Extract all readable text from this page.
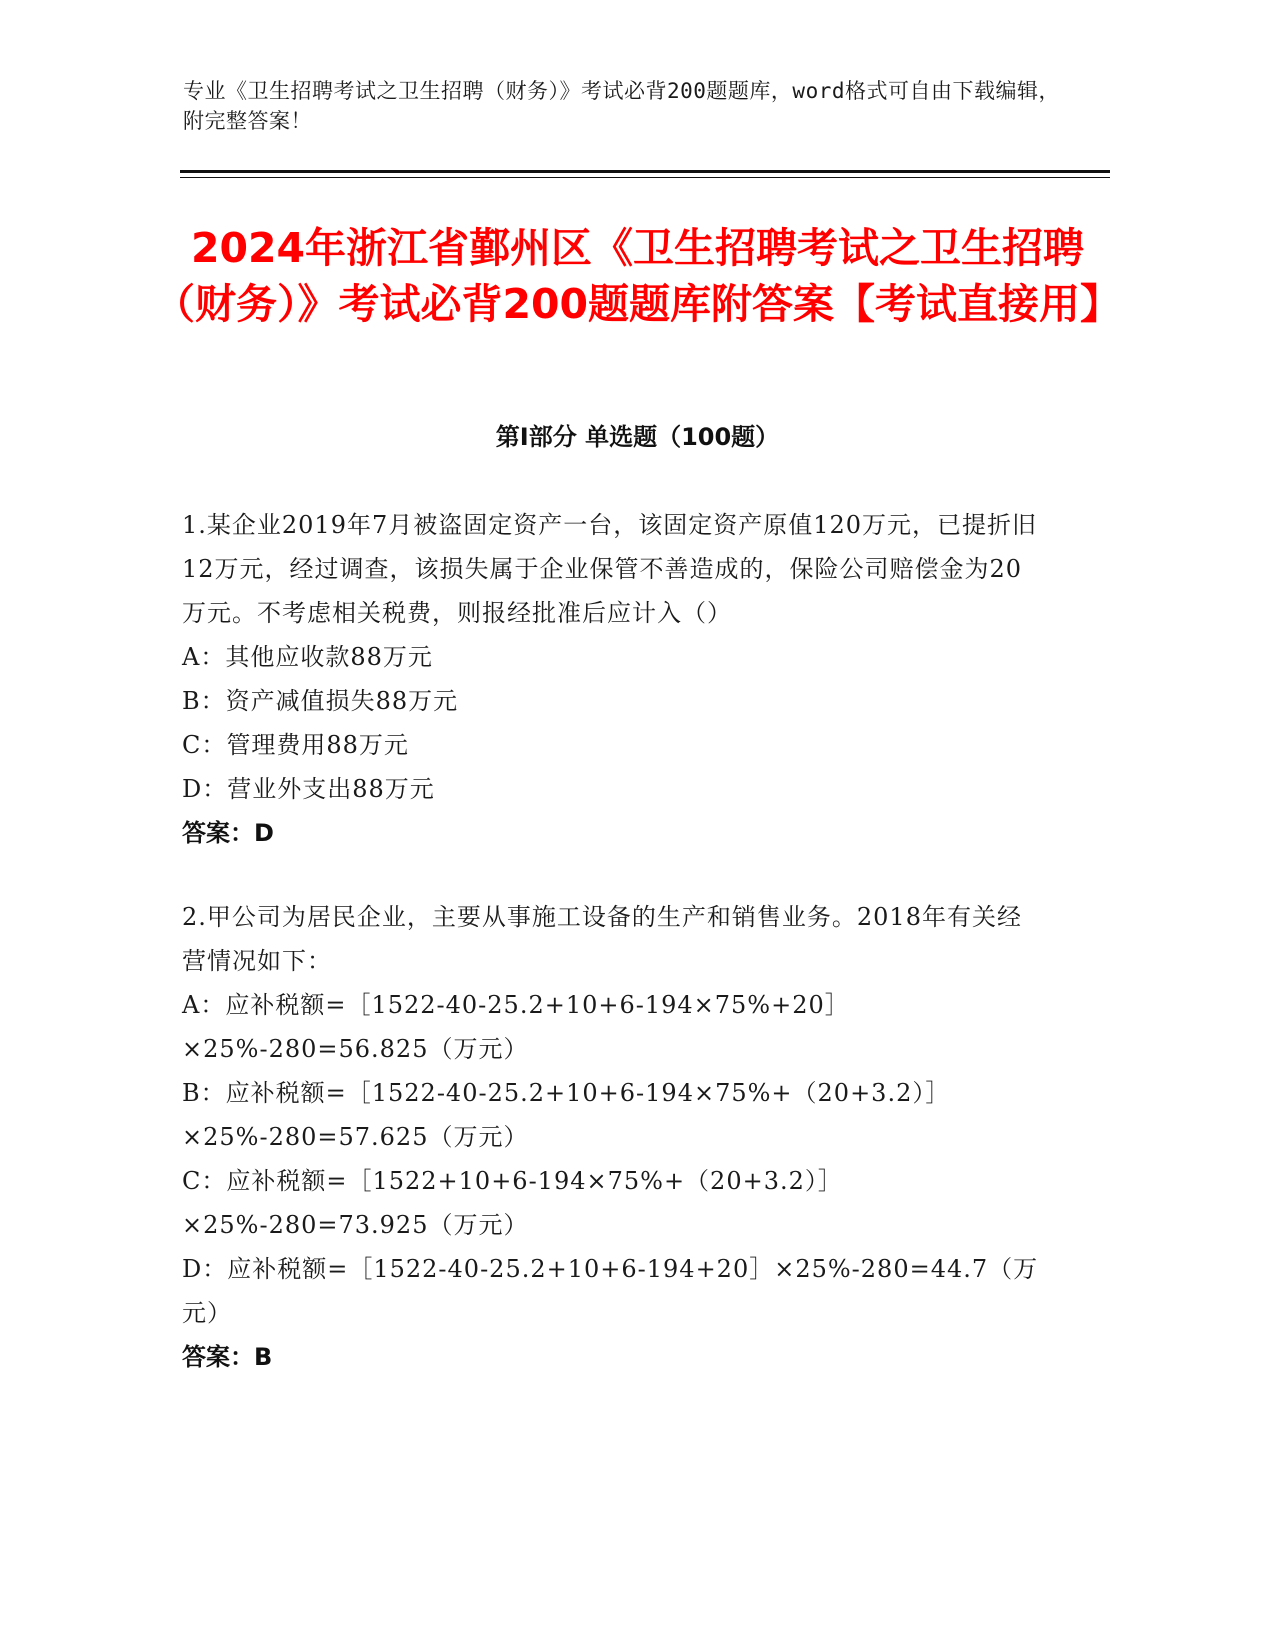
专业《卫生招聘考试之卫生招聘（财务）》考试必背200题题库，word格式可自由下载编辑，附完整答案！
2024年浙江省鄞州区《卫生招聘考试之卫生招聘（财务）》考试必背200题题库附答案【考试直接用】
第Ⅰ部分 单选题（100题）

1.某企业2019年7月被盗固定资产一台，该固定资产原值120万元，已提折旧12万元，经过调查，该损失属于企业保管不善造成的，保险公司赔偿金为20万元。不考虑相关税费，则报经批准后应计入（）

A：其他应收款88万元

B：资产减值损失88万元

C：管理费用88万元

D：营业外支出88万元

答案：D

2.甲公司为居民企业，主要从事施工设备的生产和销售业务。2018年有关经营情况如下：

A：应补税额=［1522-40-25.2+10+6-194×75%+20］×25%-280=56.825（万元）

B：应补税额=［1522-40-25.2+10+6-194×75%+（20+3.2）］×25%-280=57.625（万元）

C：应补税额=［1522+10+6-194×75%+（20+3.2）］×25%-280=73.925（万元）

D：应补税额=［1522-40-25.2+10+6-194+20］×25%-280=44.7（万元）

答案：B
